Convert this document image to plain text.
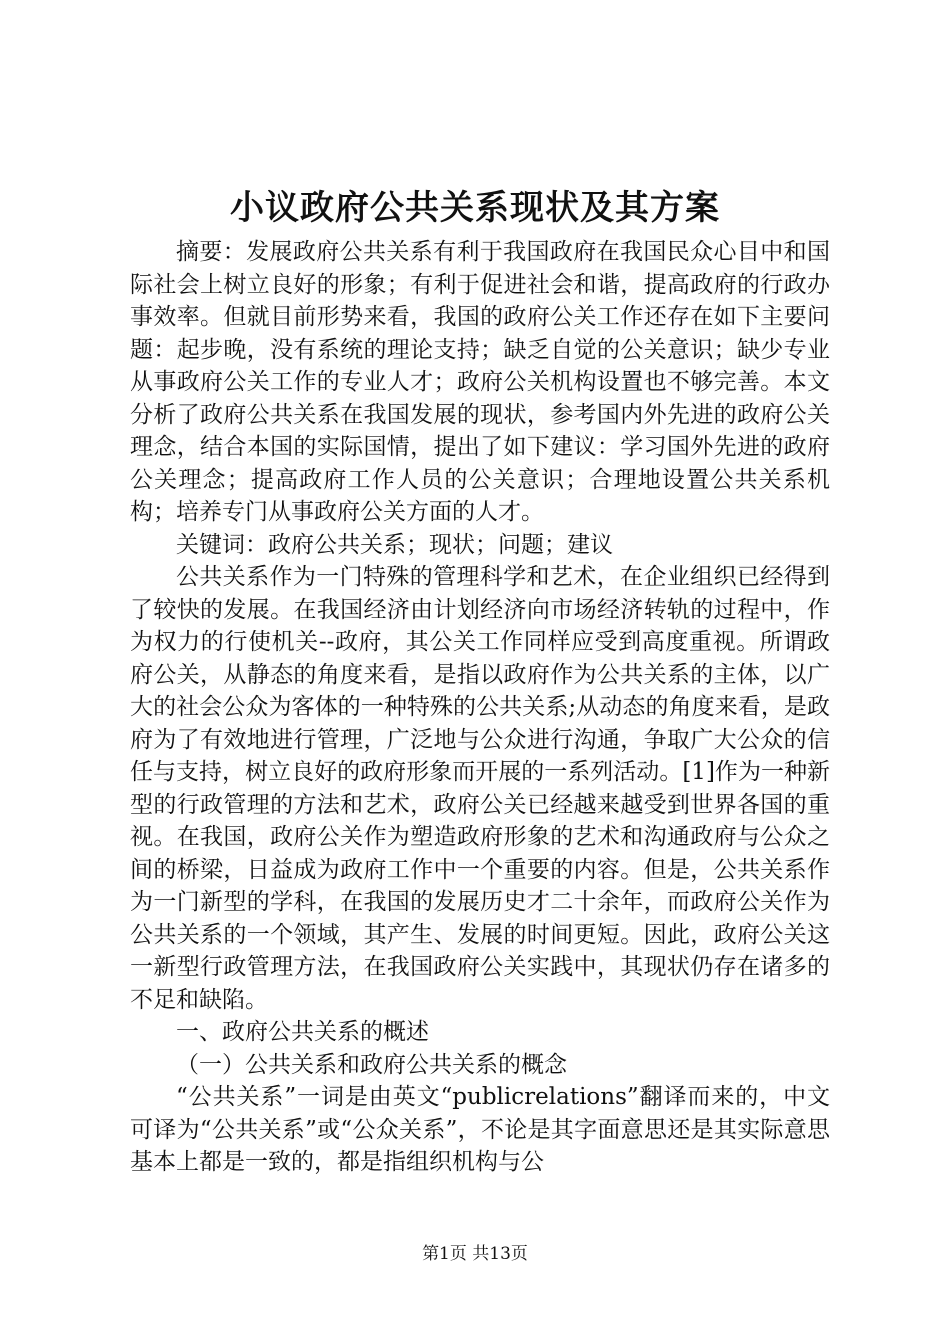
小议政府公共关系现状及其方案

摘要：发展政府公共关系有利于我国政府在我国民众心目中和国际社会上树立良好的形象；有利于促进社会和谐，提高政府的行政办事效率。但就目前形势来看，我国的政府公关工作还存在如下主要问题：起步晚，没有系统的理论支持；缺乏自觉的公关意识；缺少专业从事政府公关工作的专业人才；政府公关机构设置也不够完善。本文分析了政府公共关系在我国发展的现状，参考国内外先进的政府公关理念，结合本国的实际国情，提出了如下建议：学习国外先进的政府公关理念；提高政府工作人员的公关意识；合理地设置公共关系机构；培养专门从事政府公关方面的人才。

关键词：政府公共关系；现状；问题；建议

公共关系作为一门特殊的管理科学和艺术，在企业组织已经得到了较快的发展。在我国经济由计划经济向市场经济转轨的过程中，作为权力的行使机关--政府，其公关工作同样应受到高度重视。所谓政府公关，从静态的角度来看，是指以政府作为公共关系的主体，以广大的社会公众为客体的一种特殊的公共关系;从动态的角度来看，是政府为了有效地进行管理，广泛地与公众进行沟通，争取广大公众的信任与支持，树立良好的政府形象而开展的一系列活动。[1]作为一种新型的行政管理的方法和艺术，政府公关已经越来越受到世界各国的重视。在我国，政府公关作为塑造政府形象的艺术和沟通政府与公众之间的桥梁，日益成为政府工作中一个重要的内容。但是，公共关系作为一门新型的学科，在我国的发展历史才二十余年，而政府公关作为公共关系的一个领域，其产生、发展的时间更短。因此，政府公关这一新型行政管理方法，在我国政府公关实践中，其现状仍存在诸多的不足和缺陷。

一、政府公共关系的概述

（一）公共关系和政府公共关系的概念

“公共关系”一词是由英文“publicrelations”翻译而来的，中文可译为“公共关系”或“公众关系”，不论是其字面意思还是其实际意思基本上都是一致的，都是指组织机构与公

第1页 共13页
